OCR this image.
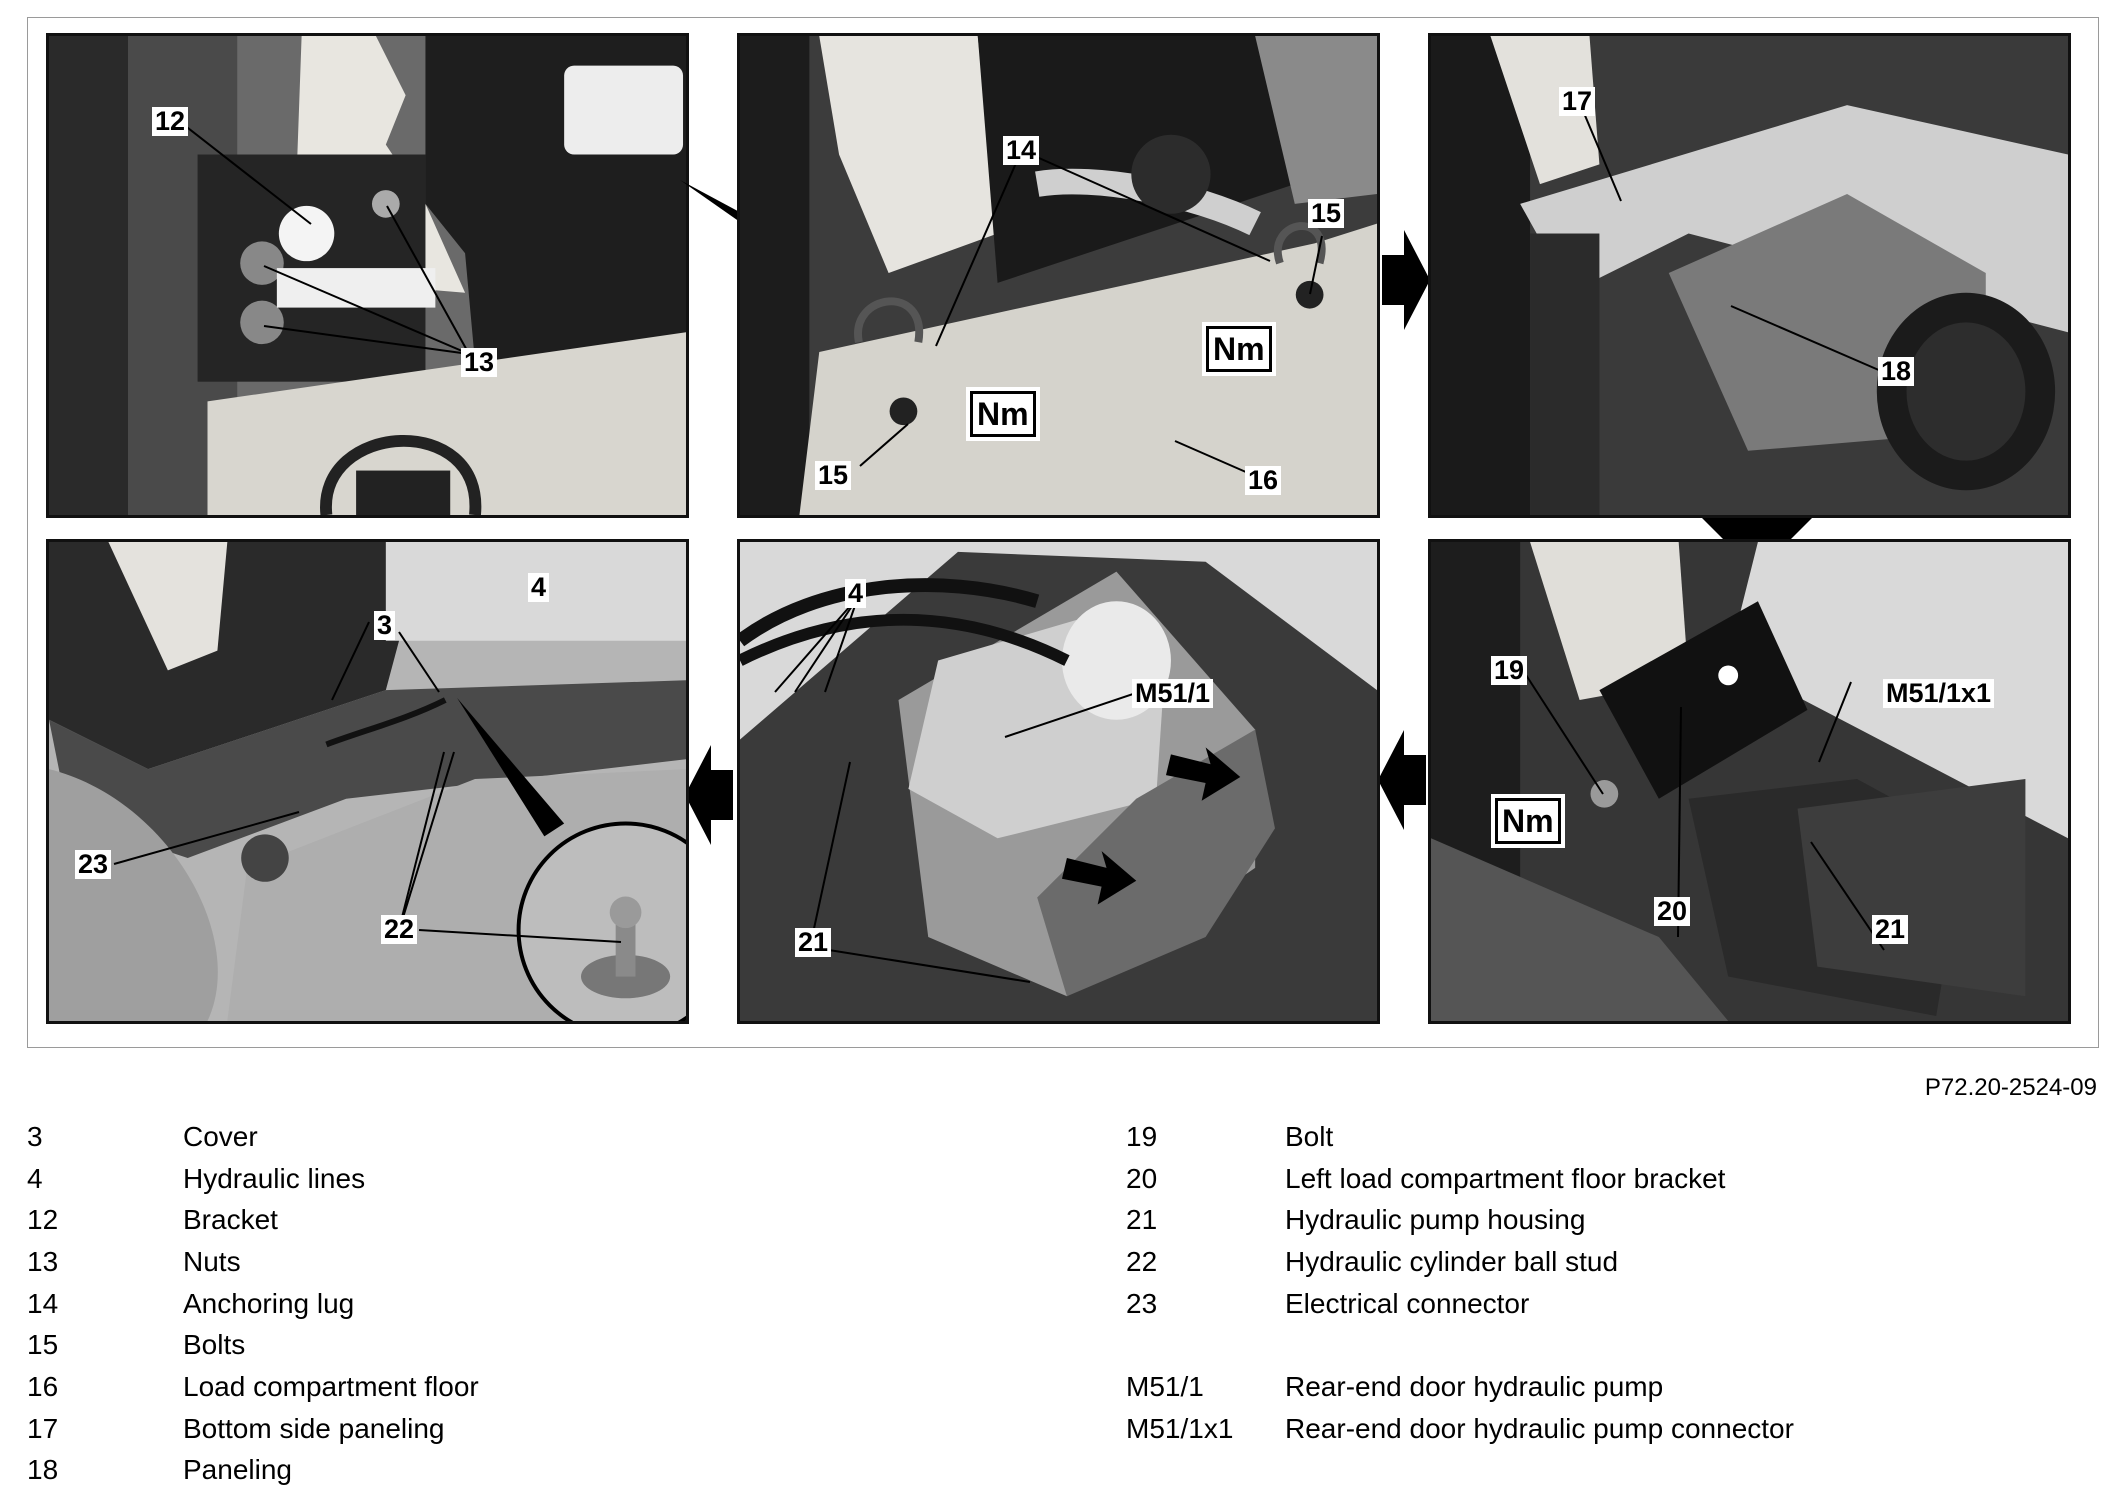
12
13
14
15
15
16
Nm
Nm
17
18
19
20
21
M51/1x1
Nm
4
M51/1
21
4
3
23
22
P72.20-2524-09
3	Cover
4	Hydraulic lines
12	Bracket
13	Nuts
14	Anchoring lug
15	Bolts
16	Load compartment floor
17	Bottom side paneling
18	Paneling
19	Bolt
20	Left load compartment floor bracket
21	Hydraulic pump housing
22	Hydraulic cylinder ball stud
23	Electrical connector
M51/1	Rear-end door hydraulic pump
M51/1x1	Rear-end door hydraulic pump connector
